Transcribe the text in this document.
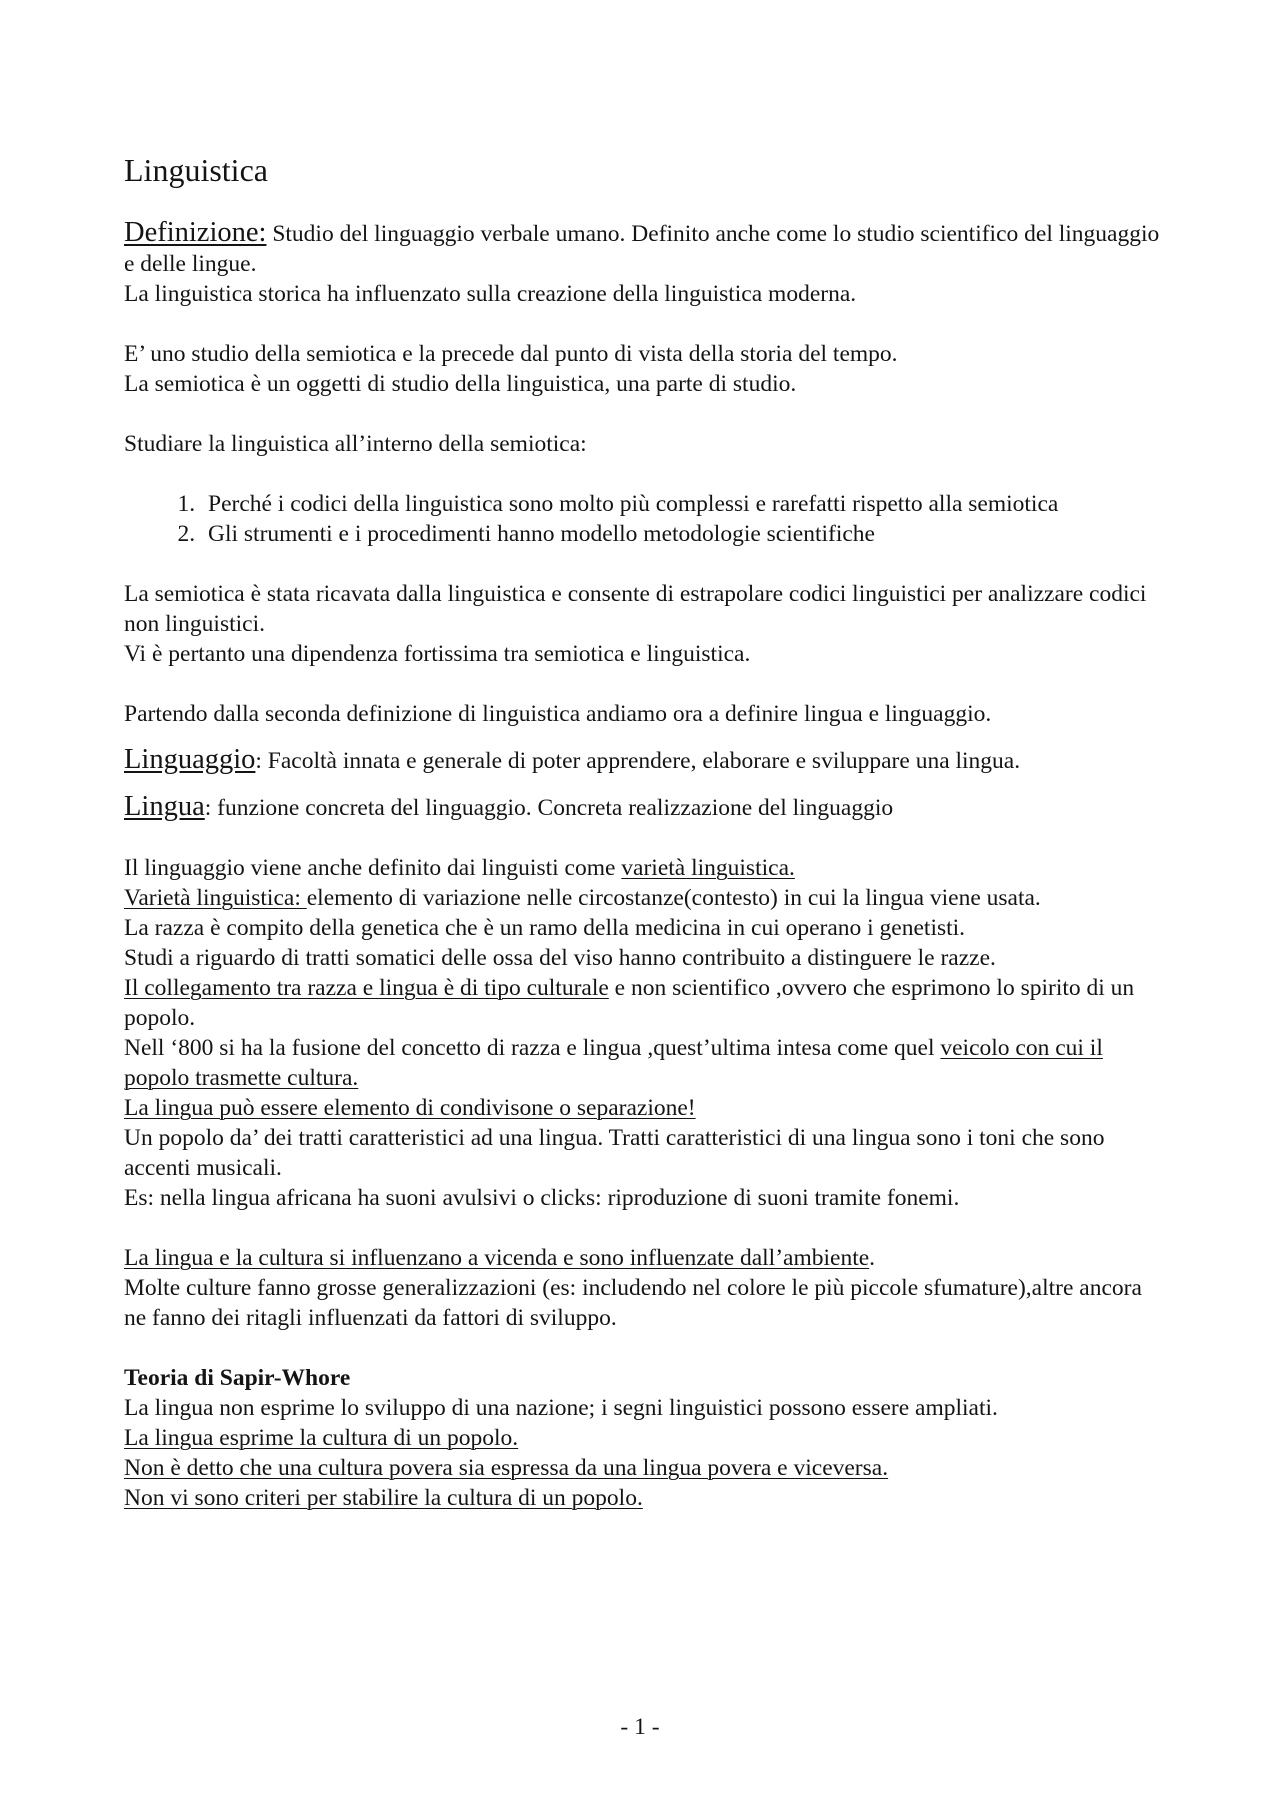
Linguistica

Definizione: Studio del linguaggio verbale umano. Definito anche come lo studio scientifico del linguaggio e delle lingue.

La linguistica storica ha influenzato sulla creazione della linguistica moderna.

E’ uno studio della semiotica e la precede dal punto di vista della storia del tempo.

La semiotica è un oggetti di studio della linguistica, una parte di studio.

Studiare la linguistica all’interno della semiotica:

1. Perché i codici della linguistica sono molto più complessi e rarefatti rispetto alla semiotica
2. Gli strumenti e i procedimenti hanno modello metodologie scientifiche

La semiotica è stata ricavata dalla linguistica e consente di estrapolare codici linguistici per analizzare codici non linguistici.

Vi è pertanto una dipendenza fortissima tra semiotica e linguistica.

Partendo dalla seconda definizione di linguistica andiamo ora a definire lingua e linguaggio.

Linguaggio: Facoltà innata e generale di poter apprendere, elaborare e sviluppare una lingua.

Lingua: funzione concreta del linguaggio. Concreta realizzazione del linguaggio

Il linguaggio viene anche definito dai linguisti come varietà linguistica.

Varietà linguistica: elemento di variazione nelle circostanze(contesto) in cui la lingua viene usata.

La razza è compito della genetica che è un ramo della medicina in cui operano i genetisti.

Studi a riguardo di tratti somatici delle ossa del viso hanno contribuito a distinguere le razze.

Il collegamento tra razza e lingua è di tipo culturale e non scientifico ,ovvero che esprimono lo spirito di un popolo.

Nell ‘800 si ha la fusione del concetto di razza e lingua ,quest’ultima intesa come quel veicolo con cui il popolo trasmette cultura.

La lingua può essere elemento di condivisone o separazione!

Un popolo da’ dei tratti caratteristici ad una lingua. Tratti caratteristici di una lingua sono i toni che sono accenti musicali.

Es: nella lingua africana ha suoni avulsivi o clicks: riproduzione di suoni tramite fonemi.

La lingua e la cultura si influenzano a vicenda e sono influenzate dall’ambiente.

Molte culture fanno grosse generalizzazioni (es: includendo nel colore le più piccole sfumature),altre ancora ne fanno dei ritagli influenzati da fattori di sviluppo.

Teoria di Sapir-Whore

La lingua non esprime lo sviluppo di una nazione; i segni linguistici possono essere ampliati.

La lingua esprime la cultura di un popolo.

Non è detto che una cultura povera sia espressa da una lingua povera e viceversa.

Non vi sono criteri per stabilire la cultura di un popolo.

- 1 -
